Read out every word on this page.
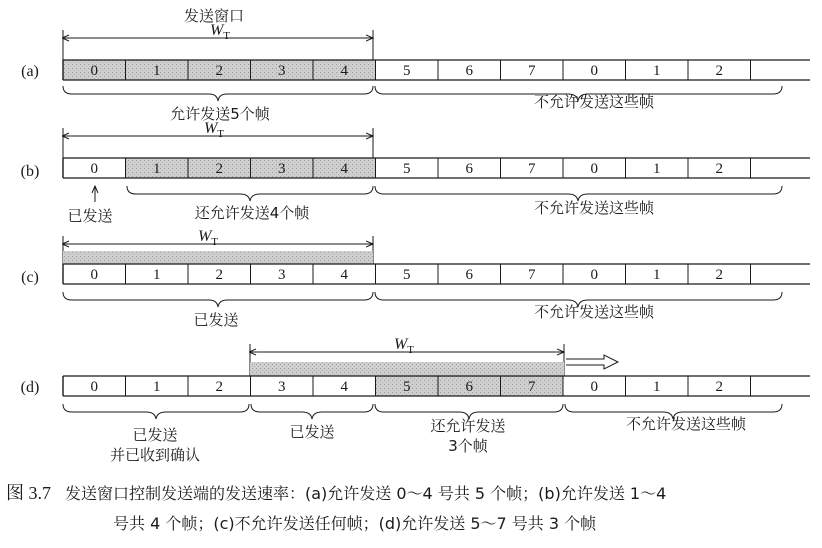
发送窗口
(a)
$W_T$
0	1	2	3	4	5	6	7	0	1	2
允许发送5个帧
不允许发送这些帧
(b)
$W_T$
0	1	2	3	4	5	6	7	0	1	2
已发送	还允许发送4个帧	不允许发送这些帧
(c)
$W_T$
0	1	2	3	4	5	6	7	0	1	2
已发送	不允许发送这些帧
(d)
$W_T$
0	1	2	3	4	5	6	7	0	1	2
已发送
并已收到确认
已发送	还允许发送
3个帧
不允许发送这些帧
图 3.7 发送窗口控制发送端的发送速率：(a)允许发送 0～4 号共 5 个帧；(b)允许发送 1～4
号共 4 个帧；(c)不允许发送任何帧；(d)允许发送 5～7 号共 3 个帧
